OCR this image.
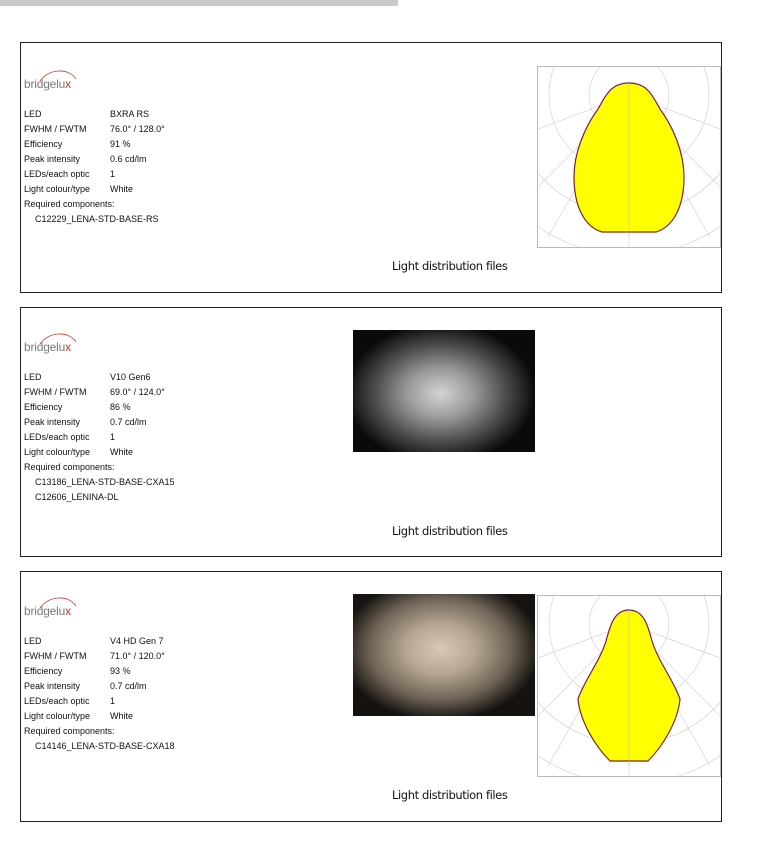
bridgelux
LED	BXRA RS
FWHM / FWTM	76.0° / 128.0°
Efficiency	91 %
Peak intensity	0.6 cd/lm
LEDs/each optic	1
Light colour/type	White
Required components:
C12229_LENA-STD-BASE-RS
Light distribution files
bridgelux
LED	V10 Gen6
FWHM / FWTM	69.0° / 124.0°
Efficiency	86 %
Peak intensity	0.7 cd/lm
LEDs/each optic	1
Light colour/type	White
Required components:
C13186_LENA-STD-BASE-CXA15
C12606_LENINA-DL
Light distribution files
bridgelux
LED	V4 HD Gen 7
FWHM / FWTM	71.0° / 120.0°
Efficiency	93 %
Peak intensity	0.7 cd/lm
LEDs/each optic	1
Light colour/type	White
Required components:
C14146_LENA-STD-BASE-CXA18
Light distribution files
